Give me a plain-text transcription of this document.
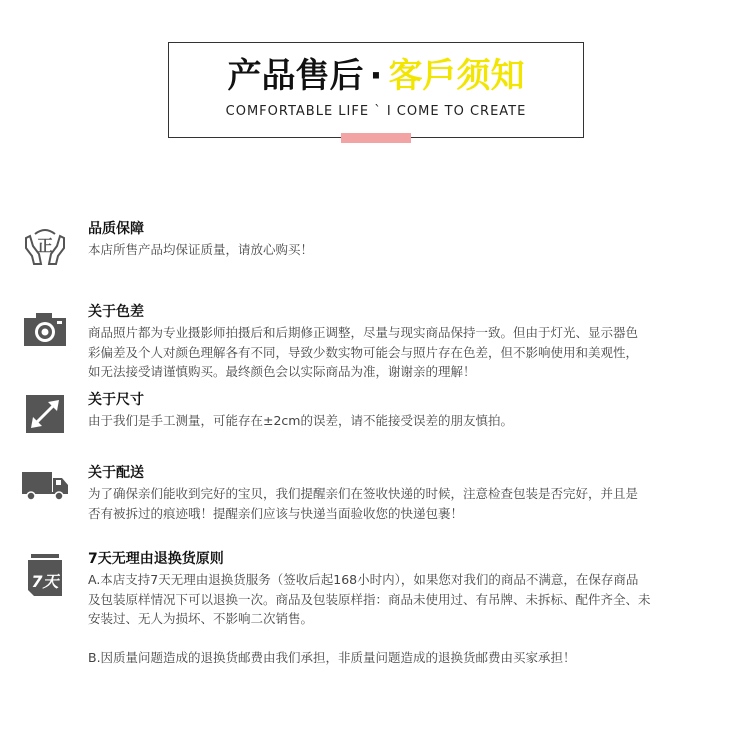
产品售后 · 客戶须知
COMFORTABLE LIFE ` I COME TO CREATE
正
品质保障

本店所售产品均保证质量，请放心购买！

关于色差

商品照片都为专业摄影师拍摄后和后期修正调整，尽量与现实商品保持一致。但由于灯光、显示器色

彩偏差及个人对颜色理解各有不同，导致少数实物可能会与照片存在色差，但不影响使用和美观性，

如无法接受请谨慎购买。最终颜色会以实际商品为准，谢谢亲的理解！

关于尺寸

由于我们是手工测量，可能存在±2cm的误差，请不能接受误差的朋友慎拍。

关于配送

为了确保亲们能收到完好的宝贝，我们提醒亲们在签收快递的时候，注意检查包装是否完好，并且是

否有被拆过的痕迹哦！提醒亲们应该与快递当面验收您的快递包裹！

7天
7天无理由退换货原则

A.本店支持7天无理由退换货服务（签收后起168小时内），如果您对我们的商品不满意，在保存商品

及包装原样情况下可以退换一次。商品及包装原样指：商品未使用过、有吊牌、未拆标、配件齐全、未

安装过、无人为损坏、不影响二次销售。

B.因质量问题造成的退换货邮费由我们承担，非质量问题造成的退换货邮费由买家承担！
